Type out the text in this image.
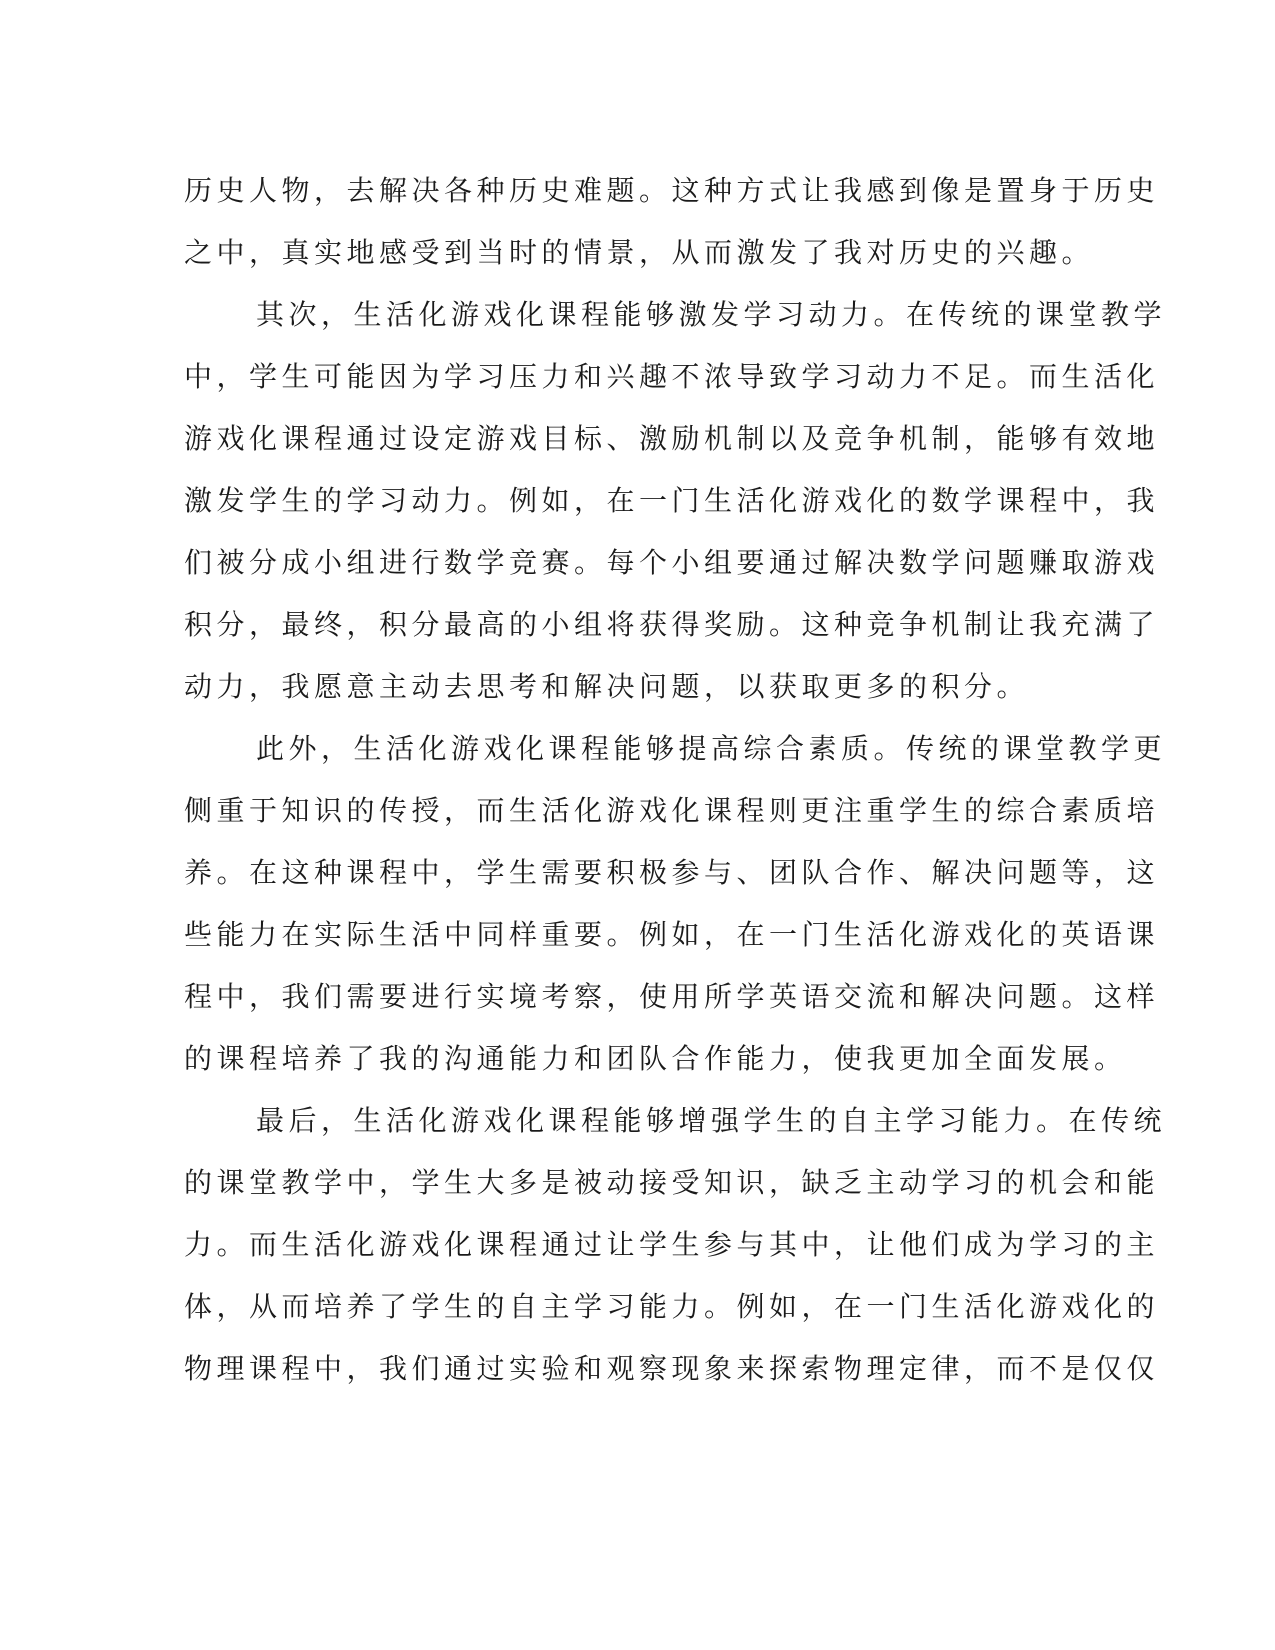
历史人物，去解决各种历史难题。这种方式让我感到像是置身于历史
之中，真实地感受到当时的情景，从而激发了我对历史的兴趣。
其次，生活化游戏化课程能够激发学习动力。在传统的课堂教学
中，学生可能因为学习压力和兴趣不浓导致学习动力不足。而生活化
游戏化课程通过设定游戏目标、激励机制以及竞争机制，能够有效地
激发学生的学习动力。例如，在一门生活化游戏化的数学课程中，我
们被分成小组进行数学竞赛。每个小组要通过解决数学问题赚取游戏
积分，最终，积分最高的小组将获得奖励。这种竞争机制让我充满了
动力，我愿意主动去思考和解决问题，以获取更多的积分。
此外，生活化游戏化课程能够提高综合素质。传统的课堂教学更
侧重于知识的传授，而生活化游戏化课程则更注重学生的综合素质培
养。在这种课程中，学生需要积极参与、团队合作、解决问题等，这
些能力在实际生活中同样重要。例如，在一门生活化游戏化的英语课
程中，我们需要进行实境考察，使用所学英语交流和解决问题。这样
的课程培养了我的沟通能力和团队合作能力，使我更加全面发展。
最后，生活化游戏化课程能够增强学生的自主学习能力。在传统
的课堂教学中，学生大多是被动接受知识，缺乏主动学习的机会和能
力。而生活化游戏化课程通过让学生参与其中，让他们成为学习的主
体，从而培养了学生的自主学习能力。例如，在一门生活化游戏化的
物理课程中，我们通过实验和观察现象来探索物理定律，而不是仅仅
